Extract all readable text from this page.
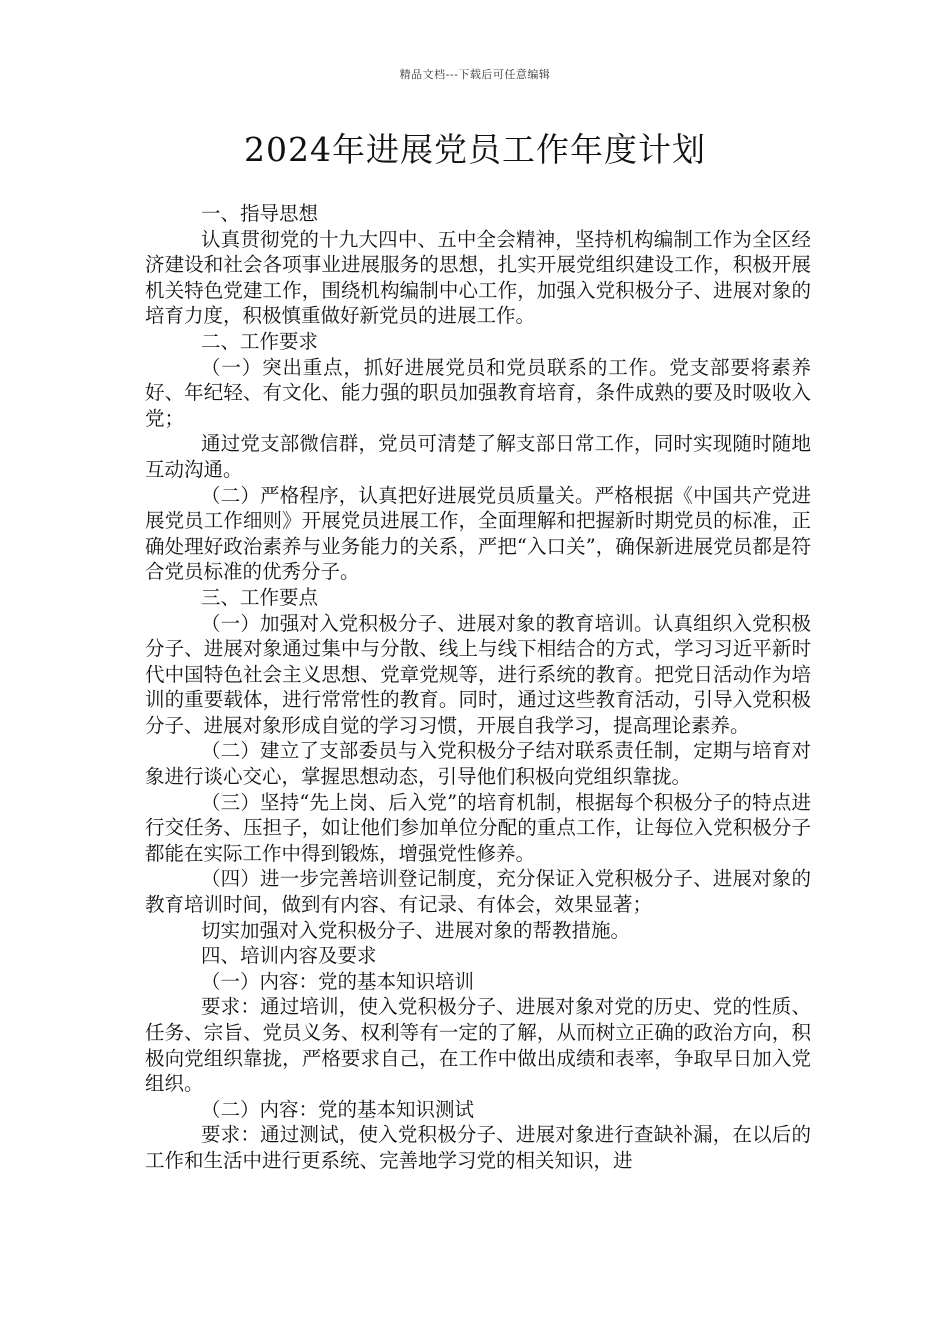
精品文档---下载后可任意编辑
2024年进展党员工作年度计划

一、指导思想

认真贯彻党的十九大四中、五中全会精神，坚持机构编制工作为全区经济建设和社会各项事业进展服务的思想，扎实开展党组织建设工作，积极开展机关特色党建工作，围绕机构编制中心工作，加强入党积极分子、进展对象的培育力度，积极慎重做好新党员的进展工作。

二、工作要求

（一）突出重点，抓好进展党员和党员联系的工作。党支部要将素养好、年纪轻、有文化、能力强的职员加强教育培育，条件成熟的要及时吸收入党；

通过党支部微信群，党员可清楚了解支部日常工作，同时实现随时随地互动沟通。

（二）严格程序，认真把好进展党员质量关。严格根据《中国共产党进展党员工作细则》开展党员进展工作，全面理解和把握新时期党员的标准，正确处理好政治素养与业务能力的关系，严把“入口关”，确保新进展党员都是符合党员标准的优秀分子。

三、工作要点

（一）加强对入党积极分子、进展对象的教育培训。认真组织入党积极分子、进展对象通过集中与分散、线上与线下相结合的方式，学习习近平新时代中国特色社会主义思想、党章党规等，进行系统的教育。把党日活动作为培训的重要载体，进行常常性的教育。同时，通过这些教育活动，引导入党积极分子、进展对象形成自觉的学习习惯，开展自我学习，提高理论素养。

（二）建立了支部委员与入党积极分子结对联系责任制，定期与培育对象进行谈心交心，掌握思想动态，引导他们积极向党组织靠拢。

（三）坚持“先上岗、后入党”的培育机制，根据每个积极分子的特点进行交任务、压担子，如让他们参加单位分配的重点工作，让每位入党积极分子都能在实际工作中得到锻炼，增强党性修养。

（四）进一步完善培训登记制度，充分保证入党积极分子、进展对象的教育培训时间，做到有内容、有记录、有体会，效果显著；

切实加强对入党积极分子、进展对象的帮教措施。

四、培训内容及要求

（一）内容：党的基本知识培训

要求：通过培训，使入党积极分子、进展对象对党的历史、党的性质、任务、宗旨、党员义务、权利等有一定的了解，从而树立正确的政治方向，积极向党组织靠拢，严格要求自己，在工作中做出成绩和表率，争取早日加入党组织。

（二）内容：党的基本知识测试

要求：通过测试，使入党积极分子、进展对象进行查缺补漏，在以后的工作和生活中进行更系统、完善地学习党的相关知识，进
